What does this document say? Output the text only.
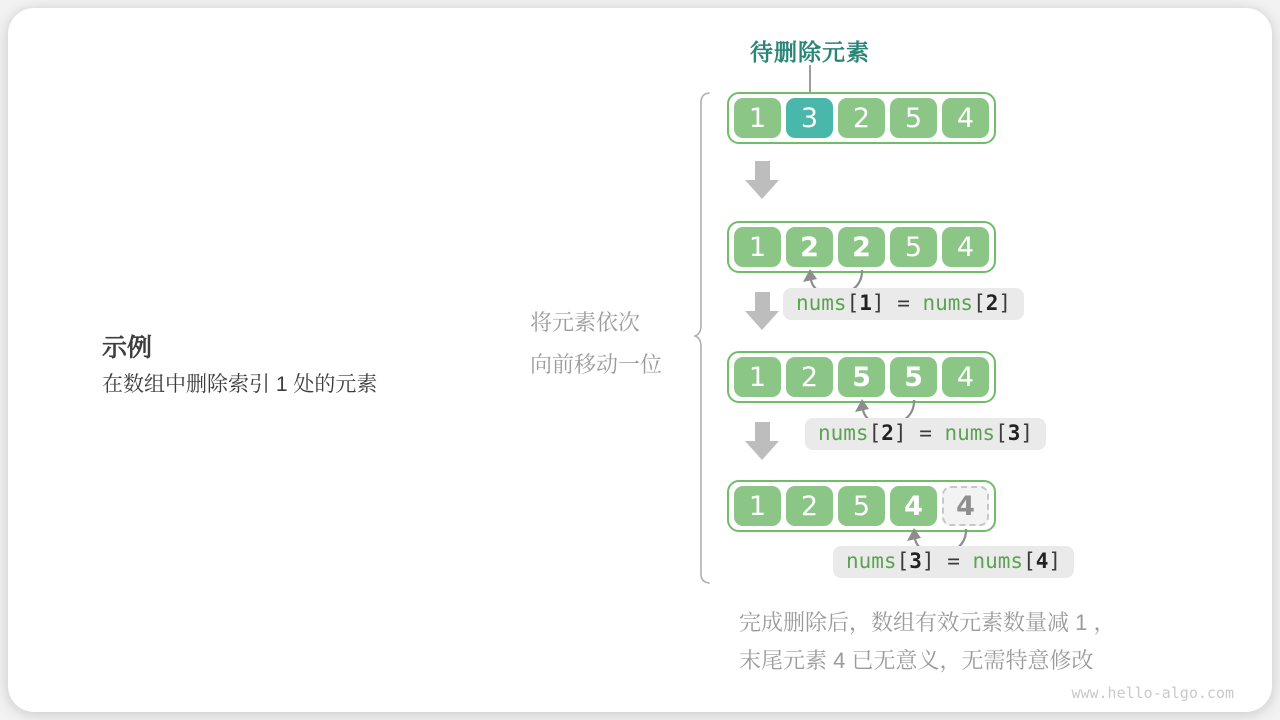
待删除元素
1	3	2	5	4
1	2	2	5	4
nums[1] = nums[2]
1	2	5	5	4
nums[2] = nums[3]
1	2	5	4	4
nums[3] = nums[4]
示例
在数组中删除索引 1 处的元素
将元素依次
向前移动一位
完成删除后，数组有效元素数量减 1 ，
末尾元素 4 已无意义，无需特意修改
www.hello-algo.com
